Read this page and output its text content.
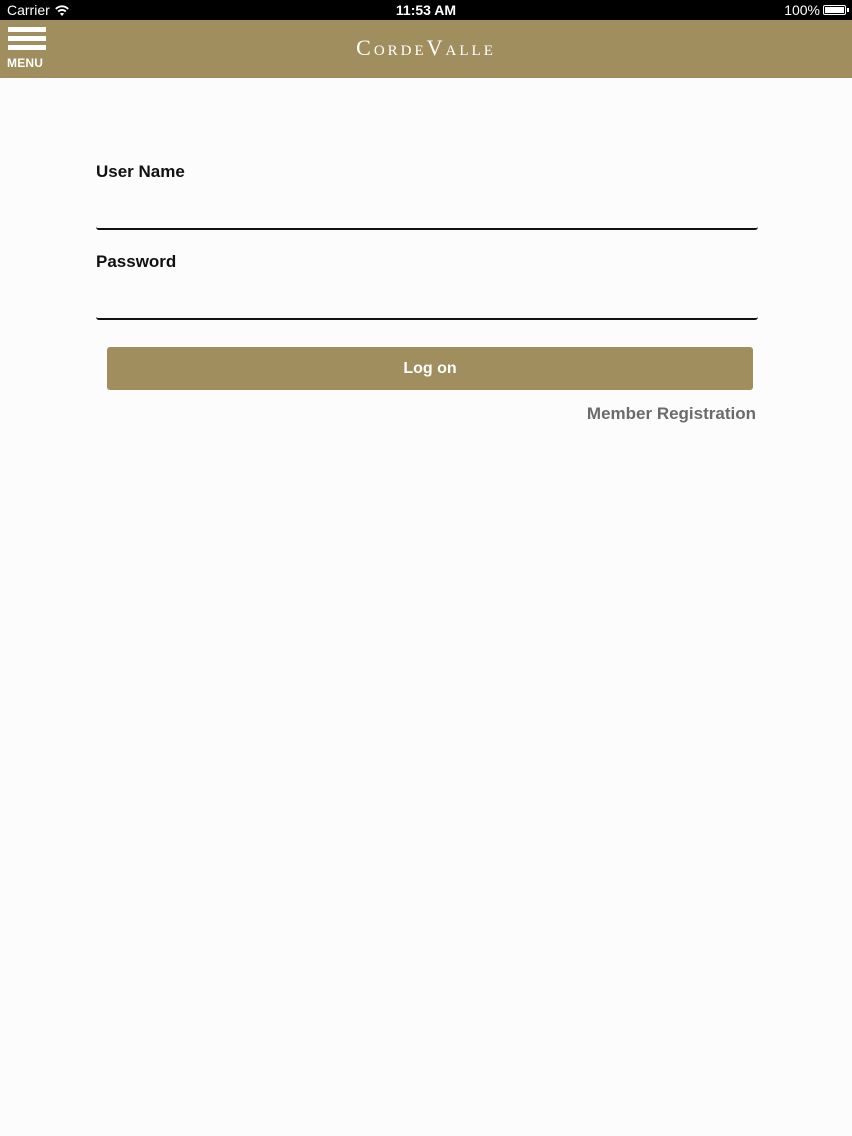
Carrier	11:53 AM	100%
MENU
CordeValle

User Name

Password

Log on
Member Registration
